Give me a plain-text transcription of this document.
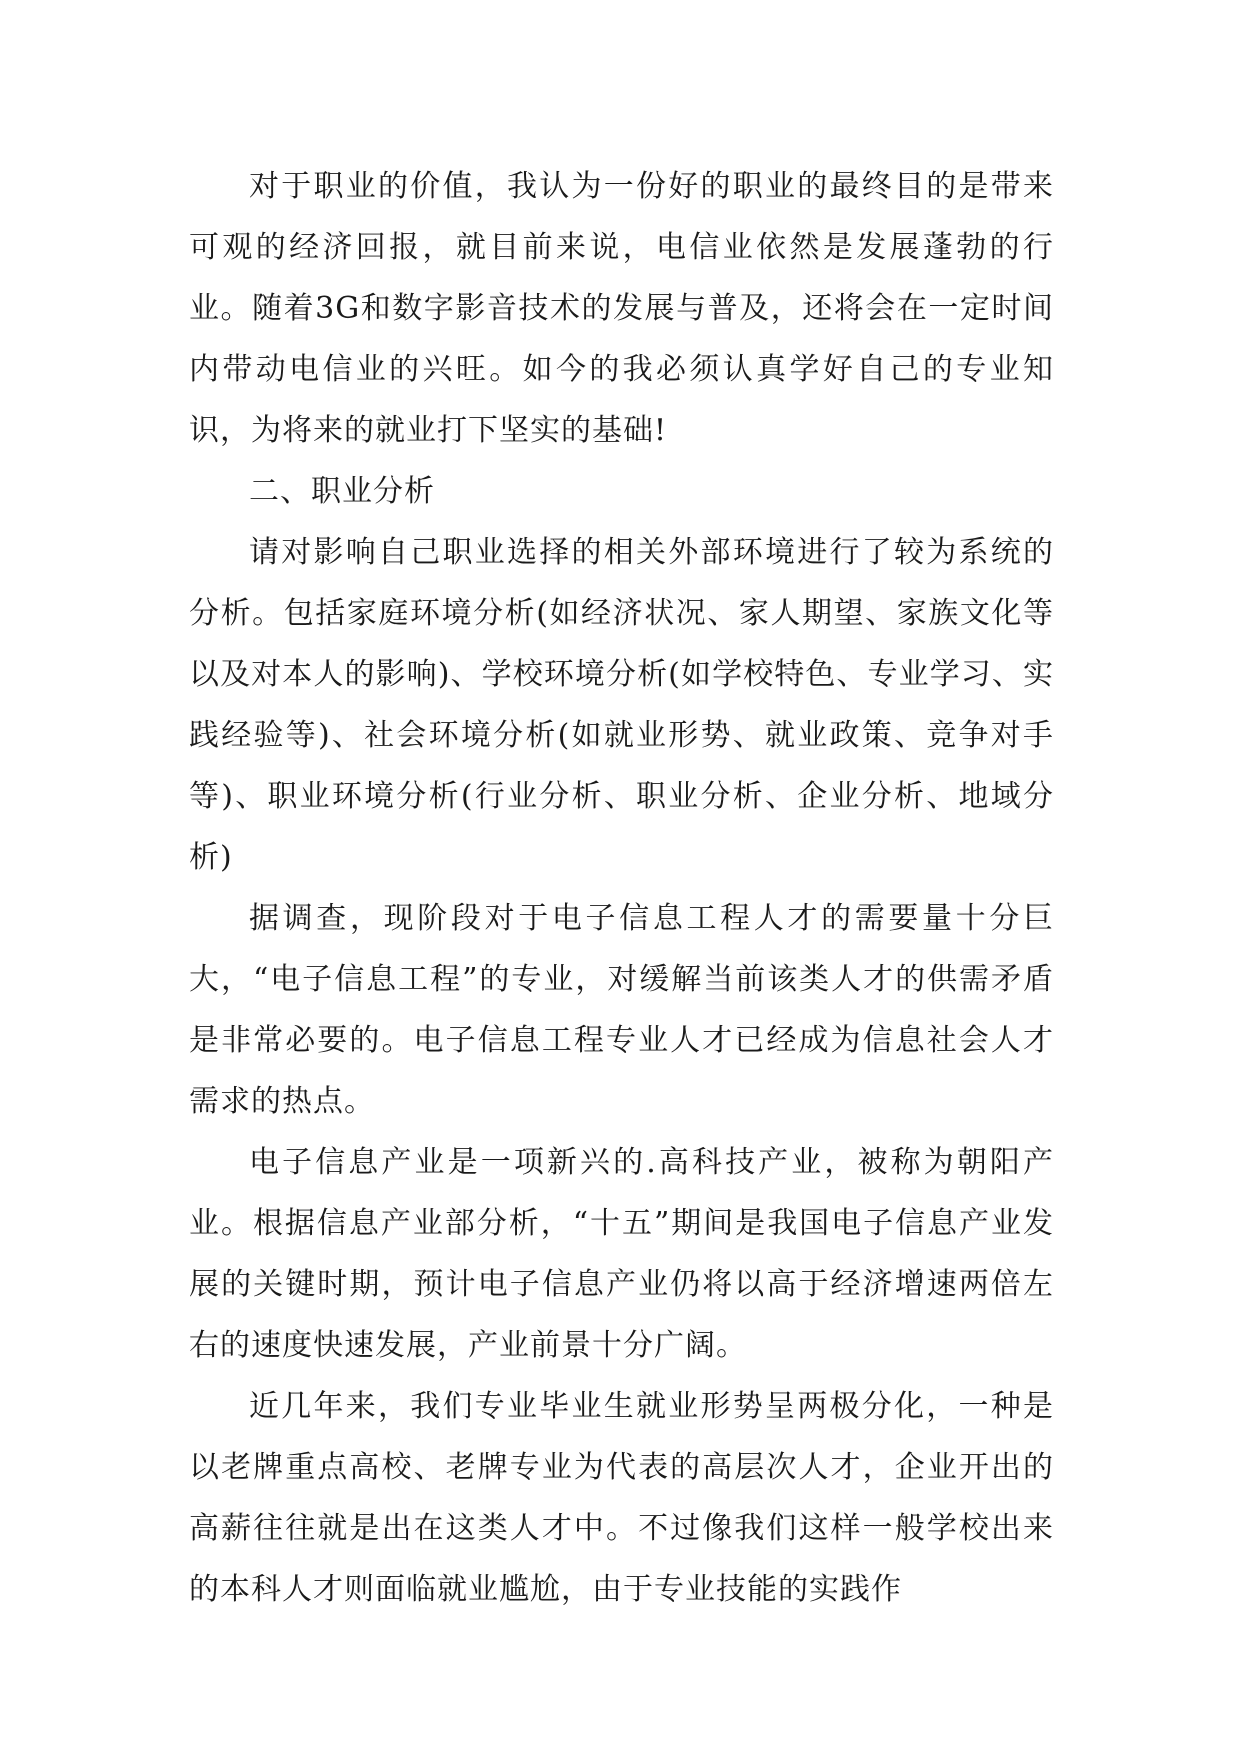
对于职业的价值，我认为一份好的职业的最终目的是带来可观的经济回报，就目前来说，电信业依然是发展蓬勃的行业。随着3G和数字影音技术的发展与普及，还将会在一定时间内带动电信业的兴旺。如今的我必须认真学好自己的专业知识，为将来的就业打下坚实的基础!

二、职业分析

请对影响自己职业选择的相关外部环境进行了较为系统的分析。包括家庭环境分析(如经济状况、家人期望、家族文化等以及对本人的影响)、学校环境分析(如学校特色、专业学习、实践经验等)、社会环境分析(如就业形势、就业政策、竞争对手等)、职业环境分析(行业分析、职业分析、企业分析、地域分析)

据调查，现阶段对于电子信息工程人才的需要量十分巨大，“电子信息工程”的专业，对缓解当前该类人才的供需矛盾是非常必要的。电子信息工程专业人才已经成为信息社会人才需求的热点。

电子信息产业是一项新兴的.高科技产业，被称为朝阳产业。根据信息产业部分析，“十五”期间是我国电子信息产业发展的关键时期，预计电子信息产业仍将以高于经济增速两倍左右的速度快速发展，产业前景十分广阔。

近几年来，我们专业毕业生就业形势呈两极分化，一种是以老牌重点高校、老牌专业为代表的高层次人才，企业开出的高薪往往就是出在这类人才中。不过像我们这样一般学校出来的本科人才则面临就业尴尬，由于专业技能的实践作
